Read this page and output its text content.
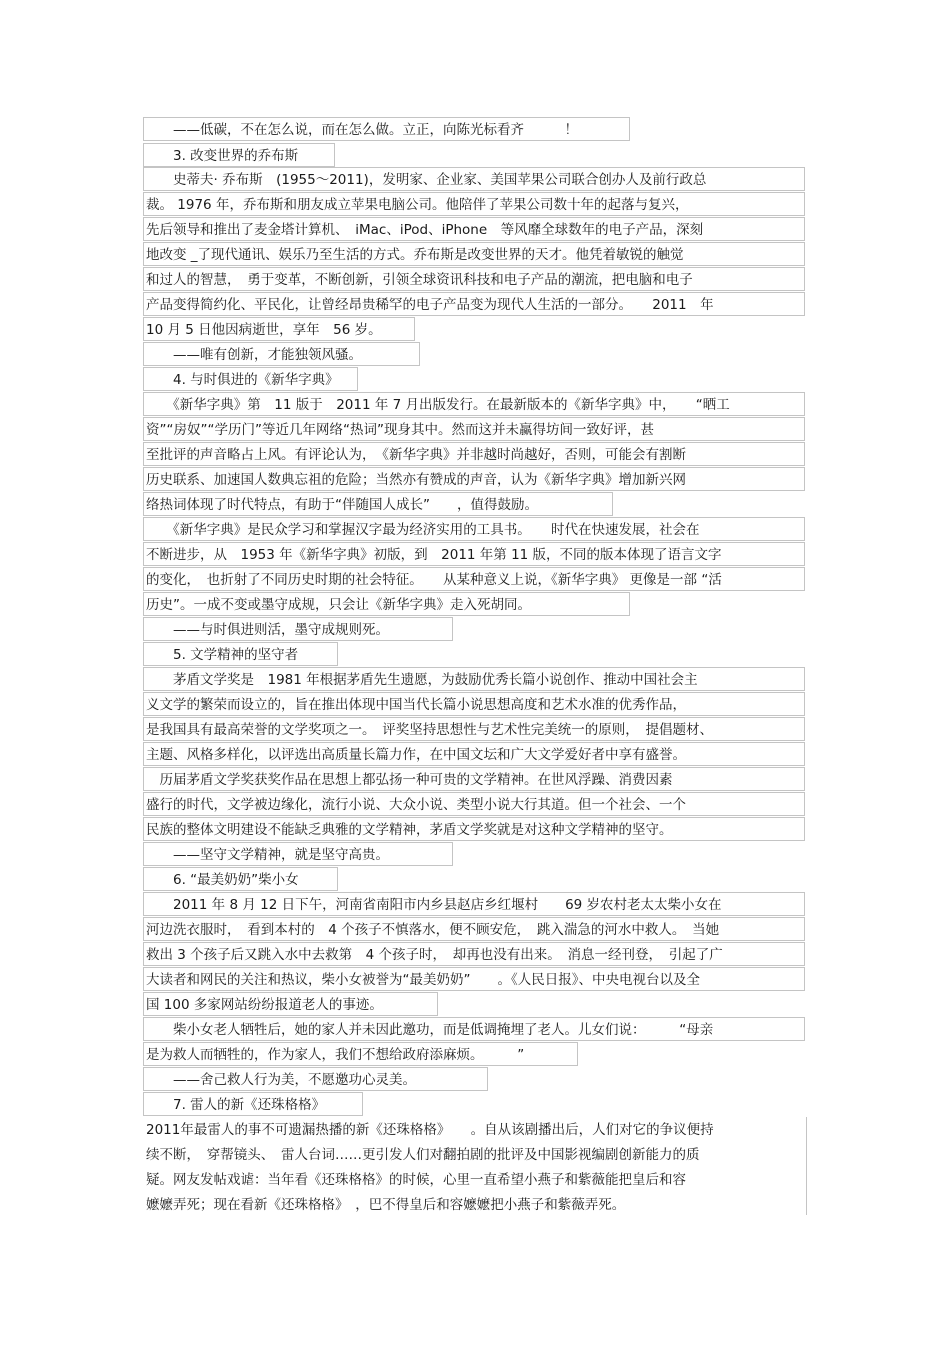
　　——低碳，不在怎么说，而在怎么做。立正，向陈光标看齐　　　！
　　3. 改变世界的乔布斯
　　史蒂夫· 乔布斯　(1955～2011)，发明家、企业家、美国苹果公司联合创办人及前行政总
裁。 1976 年，乔布斯和朋友成立苹果电脑公司。他陪伴了苹果公司数十年的起落与复兴，
先后领导和推出了麦金塔计算机、　iMac、iPod、iPhone　等风靡全球数年的电子产品，深刻
地改变 _了现代通讯、娱乐乃至生活的方式。乔布斯是改变世界的天才。他凭着敏锐的触觉
和过人的智慧，　勇于变革，不断创新，引领全球资讯科技和电子产品的潮流，把电脑和电子
产品变得简约化、平民化，让曾经昂贵稀罕的电子产品变为现代人生活的一部分。　　2011　年
10 月 5 日他因病逝世，享年　56 岁。
　　——唯有创新，才能独领风骚。
　　4. 与时俱进的《新华字典》
　　《新华字典》第　11 版于　2011 年 7 月出版发行。在最新版本的《新华字典》中，　　“晒工
资”“房奴”“学历门”等近几年网络“热词”现身其中。然而这并未赢得坊间一致好评，甚
至批评的声音略占上风。有评论认为，　《新华字典》并非越时尚越好，否则，可能会有割断
历史联系、加速国人数典忘祖的危险；当然亦有赞成的声音，认为《新华字典》增加新兴网
络热词体现了时代特点，有助于“伴随国人成长”　　，值得鼓励。
　　《新华字典》是民众学习和掌握汉字最为经济实用的工具书。　　时代在快速发展，社会在
不断进步，从　1953 年《新华字典》初版，到　2011 年第 11 版，不同的版本体现了语言文字
的变化，　也折射了不同历史时期的社会特征。　　从某种意义上说，《新华字典》 更像是一部 “活
历史”。一成不变或墨守成规，只会让《新华字典》走入死胡同。
　　——与时俱进则活，墨守成规则死。
　　5. 文学精神的坚守者
　　茅盾文学奖是　1981 年根据茅盾先生遗愿，为鼓励优秀长篇小说创作、推动中国社会主
义文学的繁荣而设立的，旨在推出体现中国当代长篇小说思想高度和艺术水准的优秀作品，
是我国具有最高荣誉的文学奖项之一。　评奖坚持思想性与艺术性完美统一的原则，　提倡题材、
主题、风格多样化，以评选出高质量长篇力作，在中国文坛和广大文学爱好者中享有盛誉。
　历届茅盾文学奖获奖作品在思想上都弘扬一种可贵的文学精神。在世风浮躁、消费因素
盛行的时代，文学被边缘化，流行小说、大众小说、类型小说大行其道。但一个社会、一个
民族的整体文明建设不能缺乏典雅的文学精神，茅盾文学奖就是对这种文学精神的坚守。
　　——坚守文学精神，就是坚守高贵。
　　6. “最美奶奶”柴小女
　　2011 年 8 月 12 日下午，河南省南阳市内乡县赵店乡红堰村　　69 岁农村老太太柴小女在
河边洗衣服时，　看到本村的　4 个孩子不慎落水，便不顾安危，　跳入湍急的河水中救人。　当她
救出 3 个孩子后又跳入水中去救第　4 个孩子时，　却再也没有出来。　消息一经刊登，　引起了广
大读者和网民的关注和热议，柴小女被誉为“最美奶奶”　　。《人民日报》、中央电视台以及全
国 100 多家网站纷纷报道老人的事迹。
　　柴小女老人牺牲后，她的家人并未因此邀功，而是低调掩埋了老人。儿女们说：　　　“母亲
是为救人而牺牲的，作为家人，我们不想给政府添麻烦。　　　”
　　——舍己救人行为美，不愿邀功心灵美。
　　7. 雷人的新《还珠格格》
2011年最雷人的事不可遗漏热播的新《还珠格格》　　。自从该剧播出后，人们对它的争议便持
续不断，　穿帮镜头、　雷人台词……更引发人们对翻拍剧的批评及中国影视编剧创新能力的质
疑。网友发帖戏谑：当年看《还珠格格》的时候，心里一直希望小燕子和紫薇能把皇后和容
嬷嬷弄死；现在看新《还珠格格》　，巴不得皇后和容嬷嬷把小燕子和紫薇弄死。
